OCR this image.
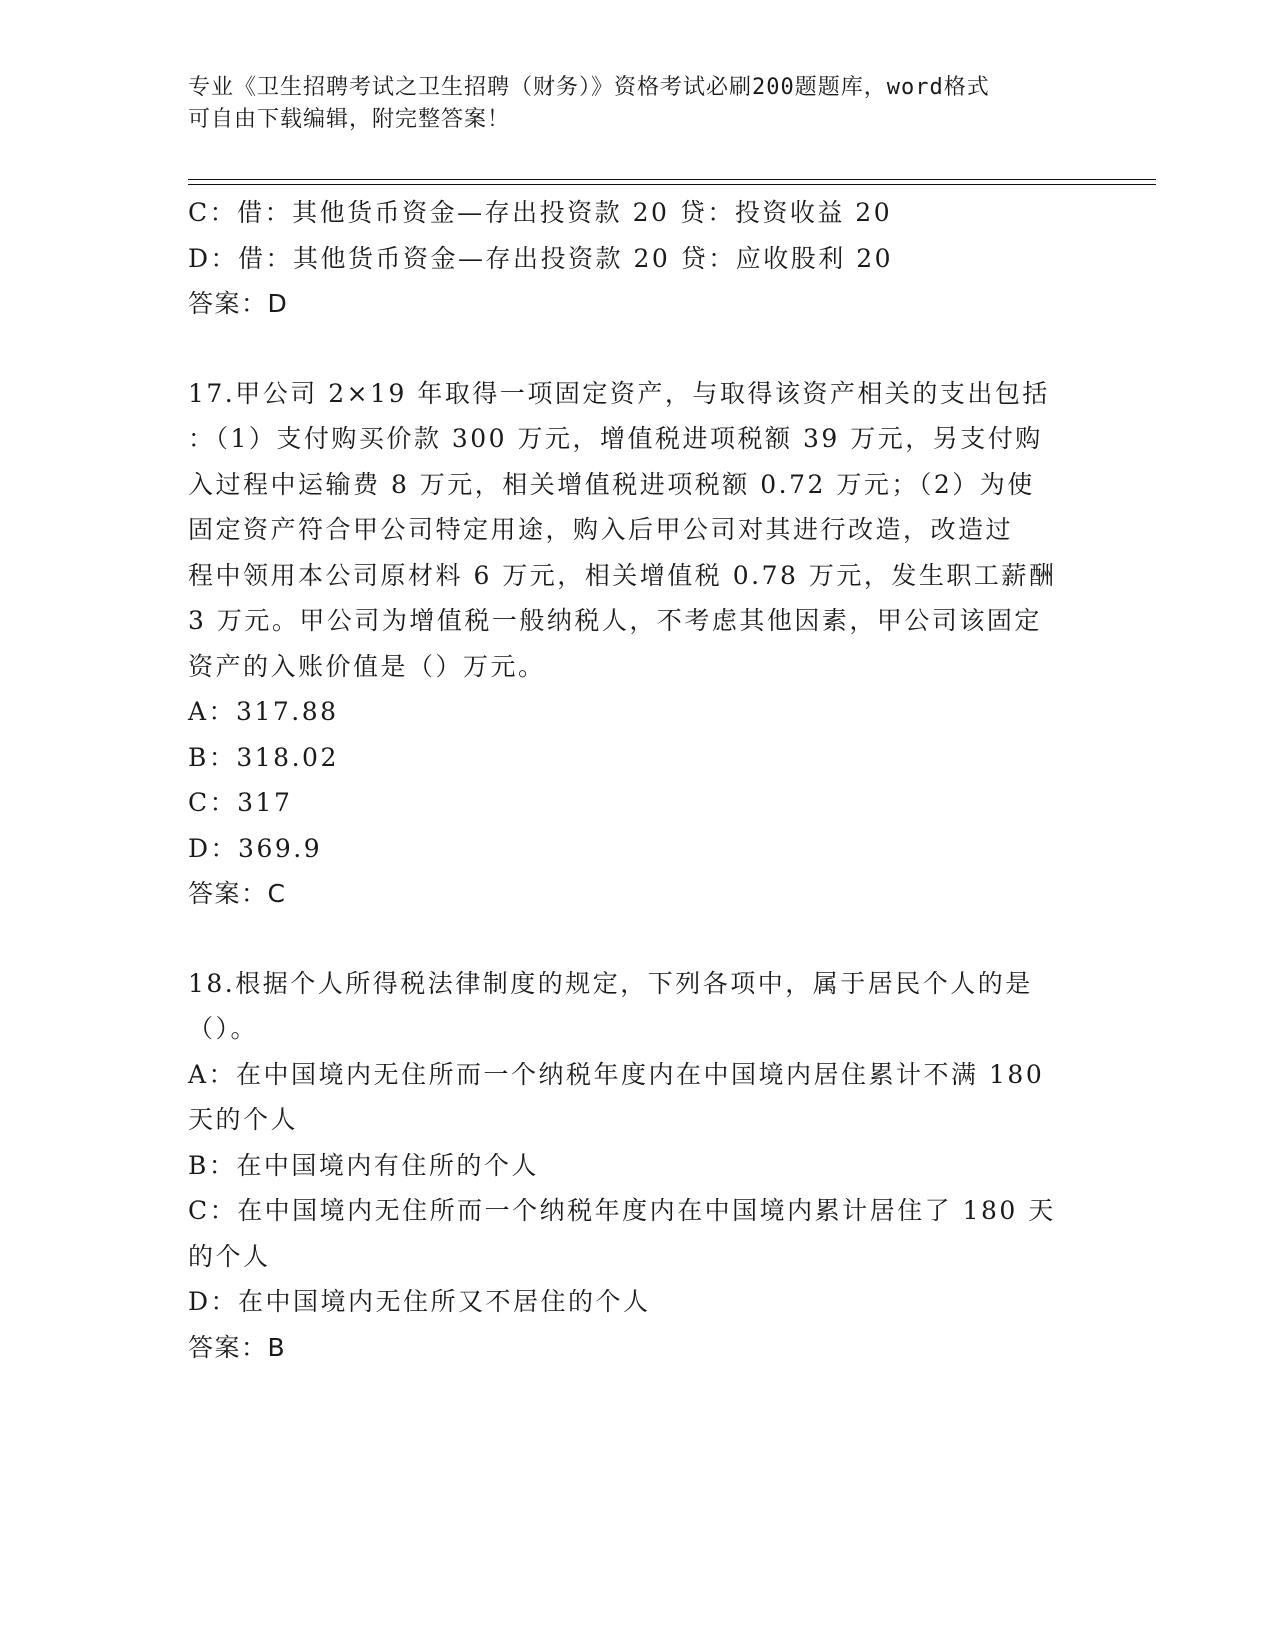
专业《卫生招聘考试之卫生招聘（财务）》资格考试必刷200题题库，word格式
可自由下载编辑，附完整答案！
C：借：其他货币资金—存出投资款 20 贷：投资收益 20
D：借：其他货币资金—存出投资款 20 贷：应收股利 20
答案：D
17.甲公司 2×19 年取得一项固定资产，与取得该资产相关的支出包括
：（1）支付购买价款 300 万元，增值税进项税额 39 万元，另支付购
入过程中运输费 8 万元，相关增值税进项税额 0.72 万元；（2）为使
固定资产符合甲公司特定用途，购入后甲公司对其进行改造，改造过
程中领用本公司原材料 6 万元，相关增值税 0.78 万元，发生职工薪酬
3 万元。甲公司为增值税一般纳税人，不考虑其他因素，甲公司该固定
资产的入账价值是（）万元。
A：317.88
B：318.02
C：317
D：369.9
答案：C
18.根据个人所得税法律制度的规定，下列各项中，属于居民个人的是
（）。
A：在中国境内无住所而一个纳税年度内在中国境内居住累计不满 180
天的个人
B：在中国境内有住所的个人
C：在中国境内无住所而一个纳税年度内在中国境内累计居住了 180 天
的个人
D：在中国境内无住所又不居住的个人
答案：B
